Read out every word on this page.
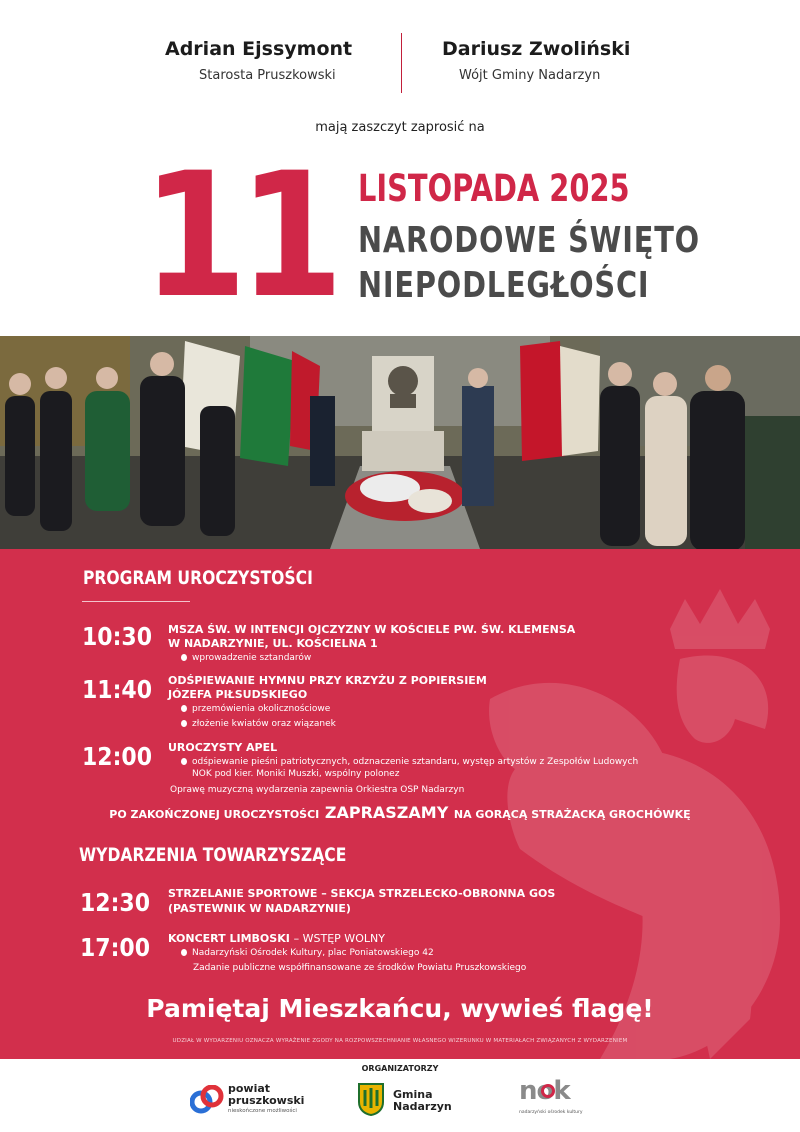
Adrian Ejssymont
Starosta Pruszkowski
Dariusz Zwoliński
Wójt Gminy Nadarzyn
mają zaszczyt zaprosić na
11 LISTOPADA 2025
NARODOWE ŚWIĘTO
NIEPODLEGŁOŚCI
PROGRAM UROCZYSTOŚCI
10:30 MSZA ŚW. W INTENCJI OJCZYZNY W KOŚCIELE PW. ŚW. KLEMENSA
W NADARZYNIE, UL. KOŚCIELNA 1
wprowadzenie sztandarów
11:40 ODŚPIEWANIE HYMNU PRZY KRZYŻU Z POPIERSIEM
JÓZEFA PIŁSUDSKIEGO
przemówienia okolicznościowe
złożenie kwiatów oraz wiązanek
12:00 UROCZYSTY APEL
odśpiewanie pieśni patriotycznych, odznaczenie sztandaru, występ artystów z Zespołów Ludowych
NOK pod kier. Moniki Muszki, wspólny polonez
Oprawę muzyczną wydarzenia zapewnia Orkiestra OSP Nadarzyn
PO ZAKOŃCZONEJ UROCZYSTOŚCI ZAPRASZAMY NA GORĄCĄ STRAŻACKĄ GROCHÓWKĘ
WYDARZENIA TOWARZYSZĄCE
12:30 STRZELANIE SPORTOWE – SEKCJA STRZELECKO-OBRONNA GOS
(PASTEWNIK W NADARZYNIE)
17:00 KONCERT LIMBOSKI – WSTĘP WOLNY
Nadarzyński Ośrodek Kultury, plac Poniatowskiego 42
Zadanie publiczne współfinansowane ze środków Powiatu Pruszkowskiego
Pamiętaj Mieszkańcu, wywieś flagę!
UDZIAŁ W WYDARZENIU OZNACZA WYRAŻENIE ZGODY NA ROZPOWSZECHNIANIE WŁASNEGO WIZERUNKU W MATERIAŁACH ZWIĄZANYCH Z WYDARZENIEM
ORGANIZATORZY
powiat
pruszkowski
nieskończone możliwości
Gmina
Nadarzyn
nok
nadarzyński ośrodek kultury
